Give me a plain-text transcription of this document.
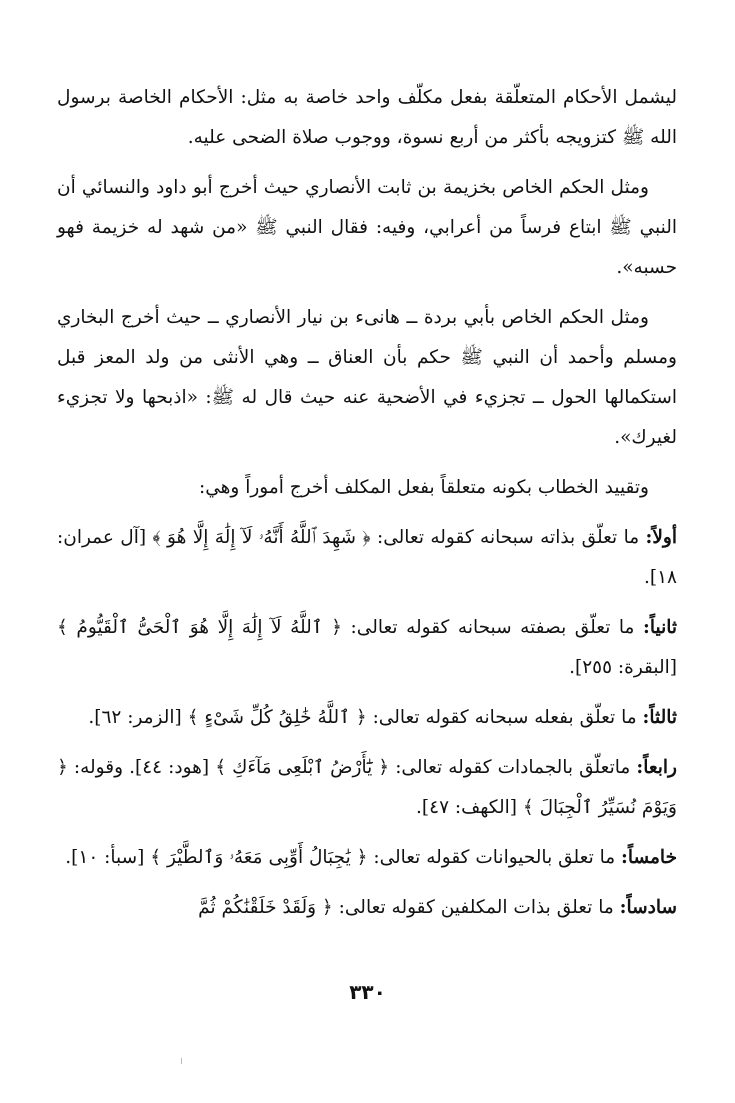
ليشمل الأحكام المتعلّقة بفعل مكلّف واحد خاصة به مثل: الأحكام الخاصة برسول الله ﷺ كتزويجه بأكثر من أربع نسوة، ووجوب صلاة الضحى عليه.

ومثل الحكم الخاص بخزيمة بن ثابت الأنصاري حيث أخرج أبو داود والنسائي أن النبي ﷺ ابتاع فرساً من أعرابي، وفيه: فقال النبي ﷺ «من شهد له خزيمة فهو حسبه».

ومثل الحكم الخاص بأبي بردة ــ هانىء بن نيار الأنصاري ــ حيث أخرج البخاري ومسلم وأحمد أن النبي ﷺ حكم بأن العناق ــ وهي الأنثى من ولد المعز قبل استكمالها الحول ــ تجزيء في الأضحية عنه حيث قال له ﷺ: «اذبحها ولا تجزيء لغيرك».

وتقييد الخطاب بكونه متعلقاً بفعل المكلف أخرج أموراً وهي:

أولاً: ما تعلّق بذاته سبحانه كقوله تعالى: ﴿ شَهِدَ ٱللَّهُ أَنَّهُۥ لَآ إِلَٰهَ إِلَّا هُوَ ﴾ [آل عمران: ١٨].

ثانياً: ما تعلّق بصفته سبحانه كقوله تعالى: ﴿ ٱللَّهُ لَآ إِلَٰهَ إِلَّا هُوَ ٱلْحَىُّ ٱلْقَيُّومُ ﴾ [البقرة: ٢٥٥].

ثالثاً: ما تعلّق بفعله سبحانه كقوله تعالى: ﴿ ٱللَّهُ خَٰلِقُ كُلِّ شَىْءٍ ﴾ [الزمر: ٦٢].

رابعاً: ماتعلّق بالجمادات كقوله تعالى: ﴿ يَٰٓأَرْضُ ٱبْلَعِى مَآءَكِ ﴾ [هود: ٤٤]. وقوله: ﴿ وَيَوْمَ نُسَيِّرُ ٱلْجِبَالَ ﴾ [الكهف: ٤٧].

خامساً: ما تعلق بالحيوانات كقوله تعالى: ﴿ يَٰجِبَالُ أَوِّبِى مَعَهُۥ وَٱلطَّيْرَ ﴾ [سبأ: ١٠].

سادساً: ما تعلق بذات المكلفين كقوله تعالى: ﴿ وَلَقَدْ خَلَقْنَٰكُمْ ثُمَّ

٣٣٠
